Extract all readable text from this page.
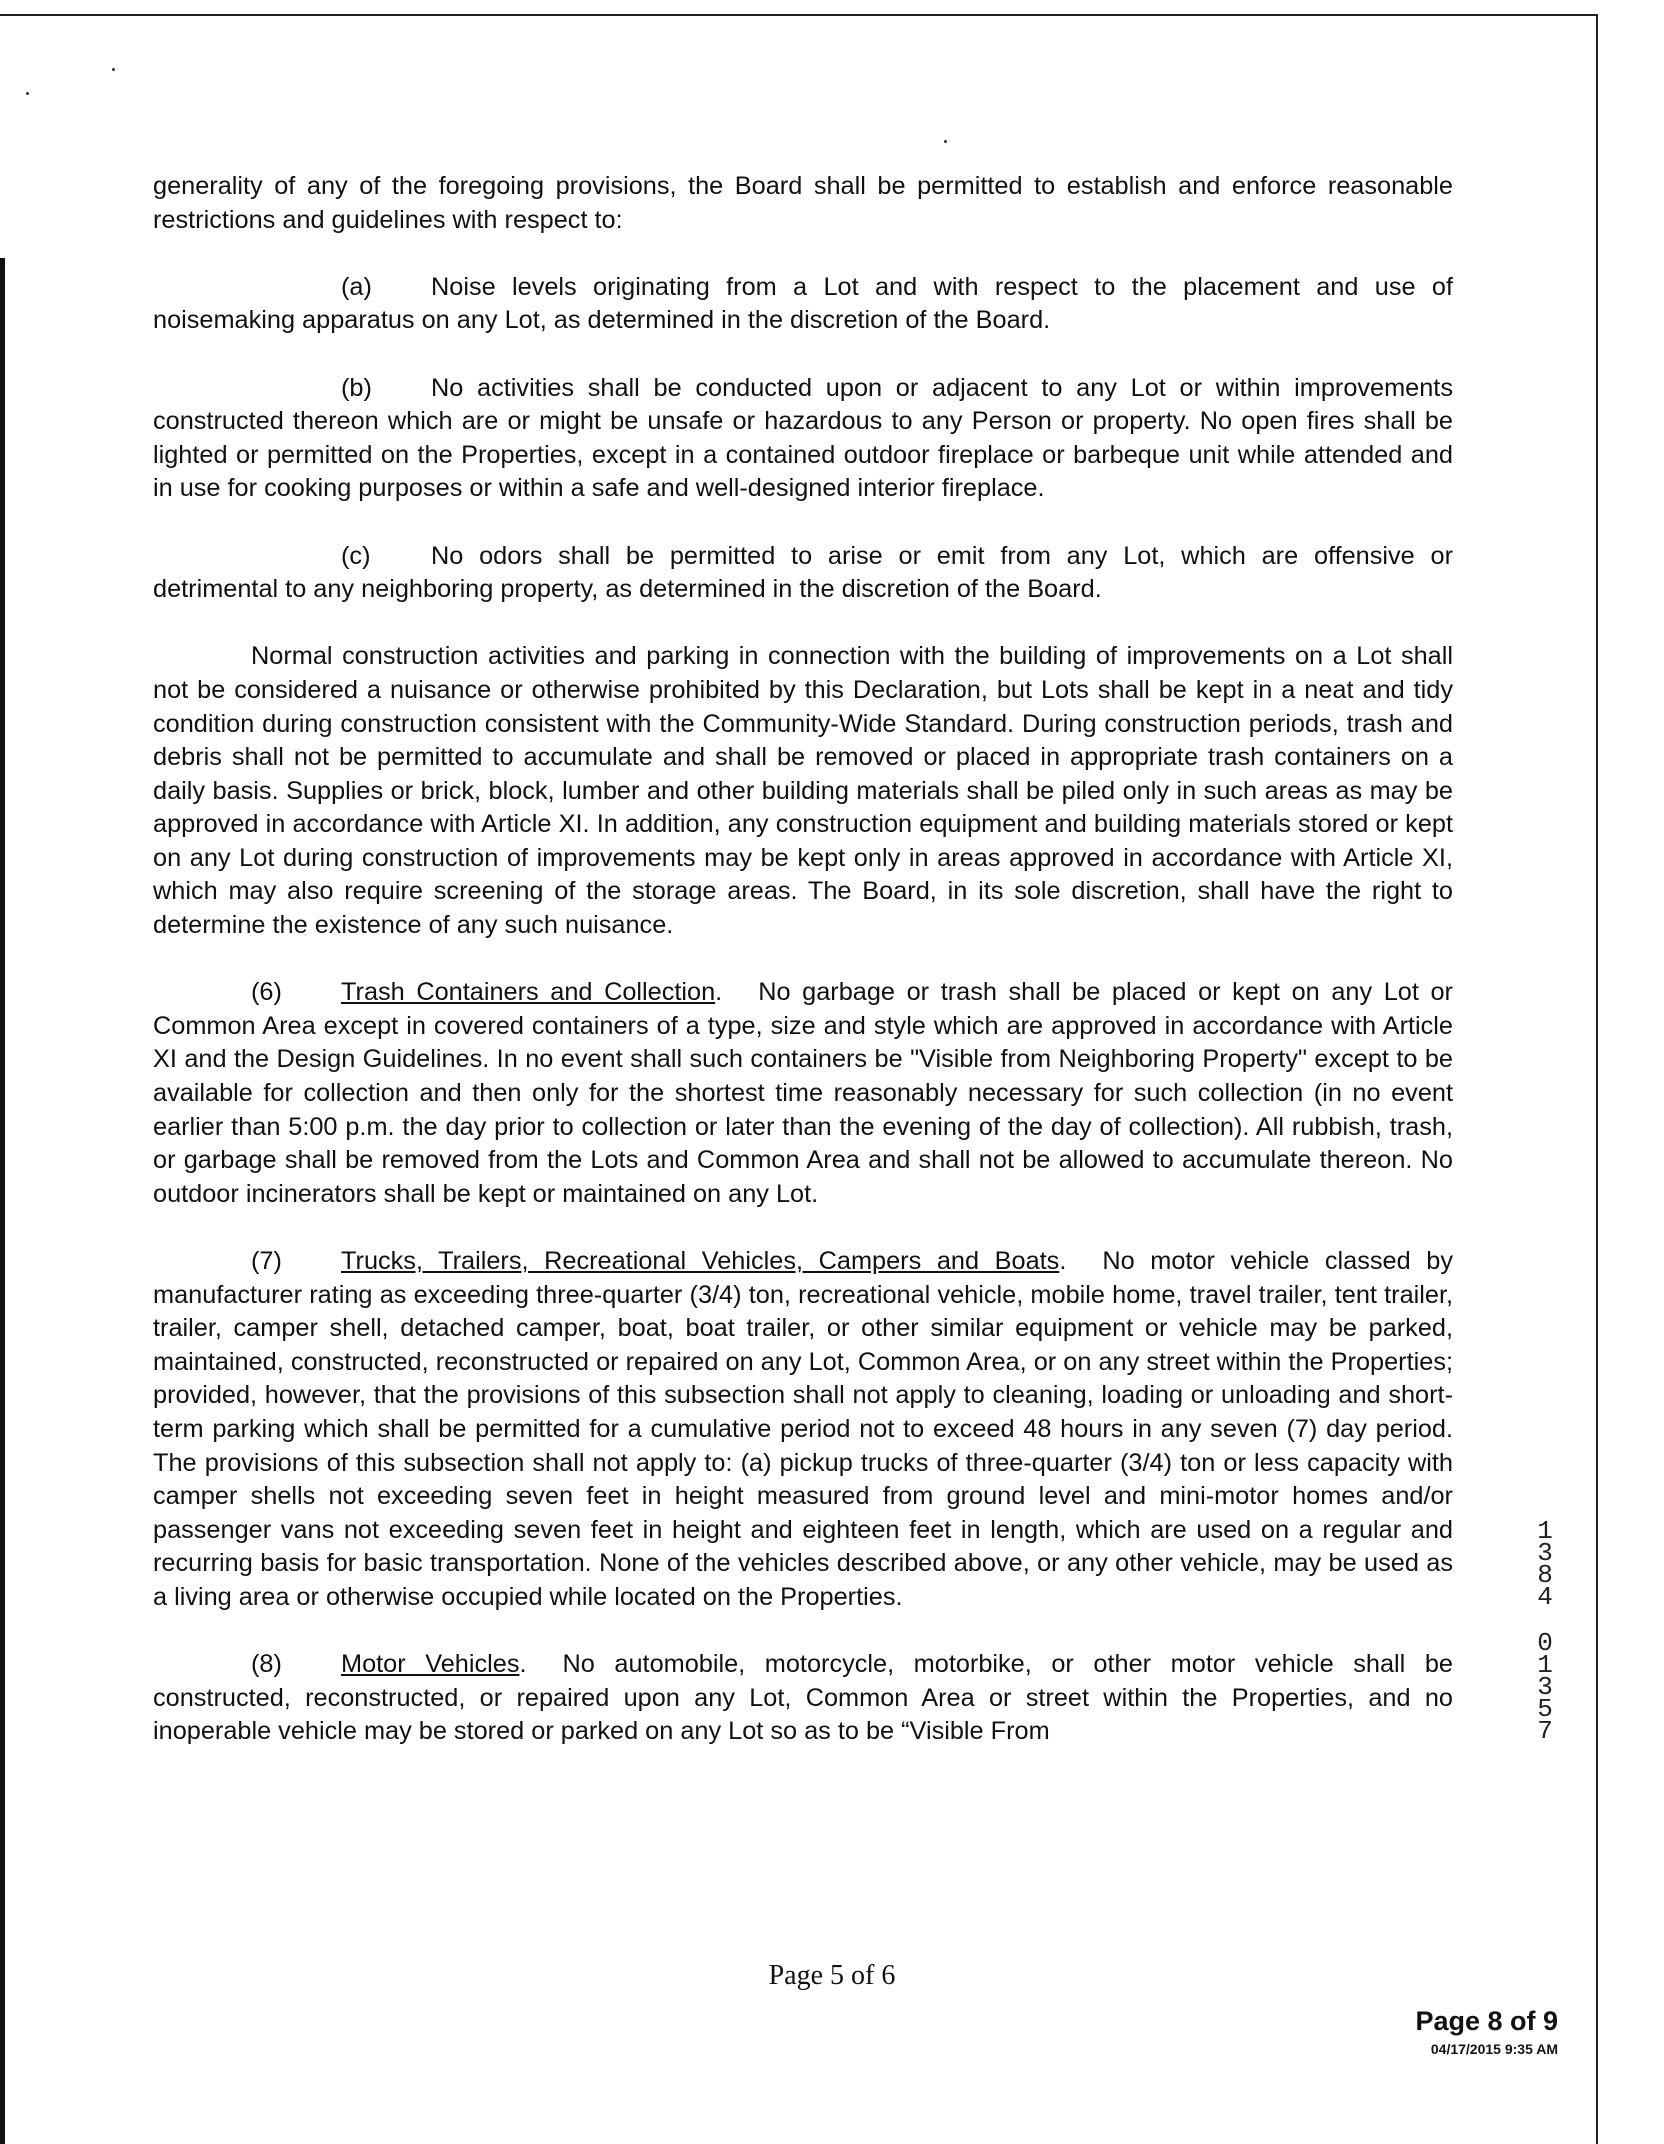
generality of any of the foregoing provisions, the Board shall be permitted to establish and enforce reasonable restrictions and guidelines with respect to:

(a) Noise levels originating from a Lot and with respect to the placement and use of noisemaking apparatus on any Lot, as determined in the discretion of the Board.

(b) No activities shall be conducted upon or adjacent to any Lot or within improvements constructed thereon which are or might be unsafe or hazardous to any Person or property. No open fires shall be lighted or permitted on the Properties, except in a contained outdoor fireplace or barbeque unit while attended and in use for cooking purposes or within a safe and well-designed interior fireplace.

(c) No odors shall be permitted to arise or emit from any Lot, which are offensive or detrimental to any neighboring property, as determined in the discretion of the Board.

Normal construction activities and parking in connection with the building of improvements on a Lot shall not be considered a nuisance or otherwise prohibited by this Declaration, but Lots shall be kept in a neat and tidy condition during construction consistent with the Community-Wide Standard. During construction periods, trash and debris shall not be permitted to accumulate and shall be removed or placed in appropriate trash containers on a daily basis. Supplies or brick, block, lumber and other building materials shall be piled only in such areas as may be approved in accordance with Article XI. In addition, any construction equipment and building materials stored or kept on any Lot during construction of improvements may be kept only in areas approved in accordance with Article XI, which may also require screening of the storage areas. The Board, in its sole discretion, shall have the right to determine the existence of any such nuisance.

(6) Trash Containers and Collection. No garbage or trash shall be placed or kept on any Lot or Common Area except in covered containers of a type, size and style which are approved in accordance with Article XI and the Design Guidelines. In no event shall such containers be "Visible from Neighboring Property" except to be available for collection and then only for the shortest time reasonably necessary for such collection (in no event earlier than 5:00 p.m. the day prior to collection or later than the evening of the day of collection). All rubbish, trash, or garbage shall be removed from the Lots and Common Area and shall not be allowed to accumulate thereon. No outdoor incinerators shall be kept or maintained on any Lot.

(7) Trucks, Trailers, Recreational Vehicles, Campers and Boats. No motor vehicle classed by manufacturer rating as exceeding three-quarter (3/4) ton, recreational vehicle, mobile home, travel trailer, tent trailer, trailer, camper shell, detached camper, boat, boat trailer, or other similar equipment or vehicle may be parked, maintained, constructed, reconstructed or repaired on any Lot, Common Area, or on any street within the Properties; provided, however, that the provisions of this subsection shall not apply to cleaning, loading or unloading and short-term parking which shall be permitted for a cumulative period not to exceed 48 hours in any seven (7) day period. The provisions of this subsection shall not apply to: (a) pickup trucks of three-quarter (3/4) ton or less capacity with camper shells not exceeding seven feet in height measured from ground level and mini-motor homes and/or passenger vans not exceeding seven feet in height and eighteen feet in length, which are used on a regular and recurring basis for basic transportation. None of the vehicles described above, or any other vehicle, may be used as a living area or otherwise occupied while located on the Properties.

(8) Motor Vehicles. No automobile, motorcycle, motorbike, or other motor vehicle shall be constructed, reconstructed, or repaired upon any Lot, Common Area or street within the Properties, and no inoperable vehicle may be stored or parked on any Lot so as to be “Visible From

Page 5 of 6
Page 8 of 9
04/17/2015 9:35 AM
1
3
8
4
0
1
3
5
7
